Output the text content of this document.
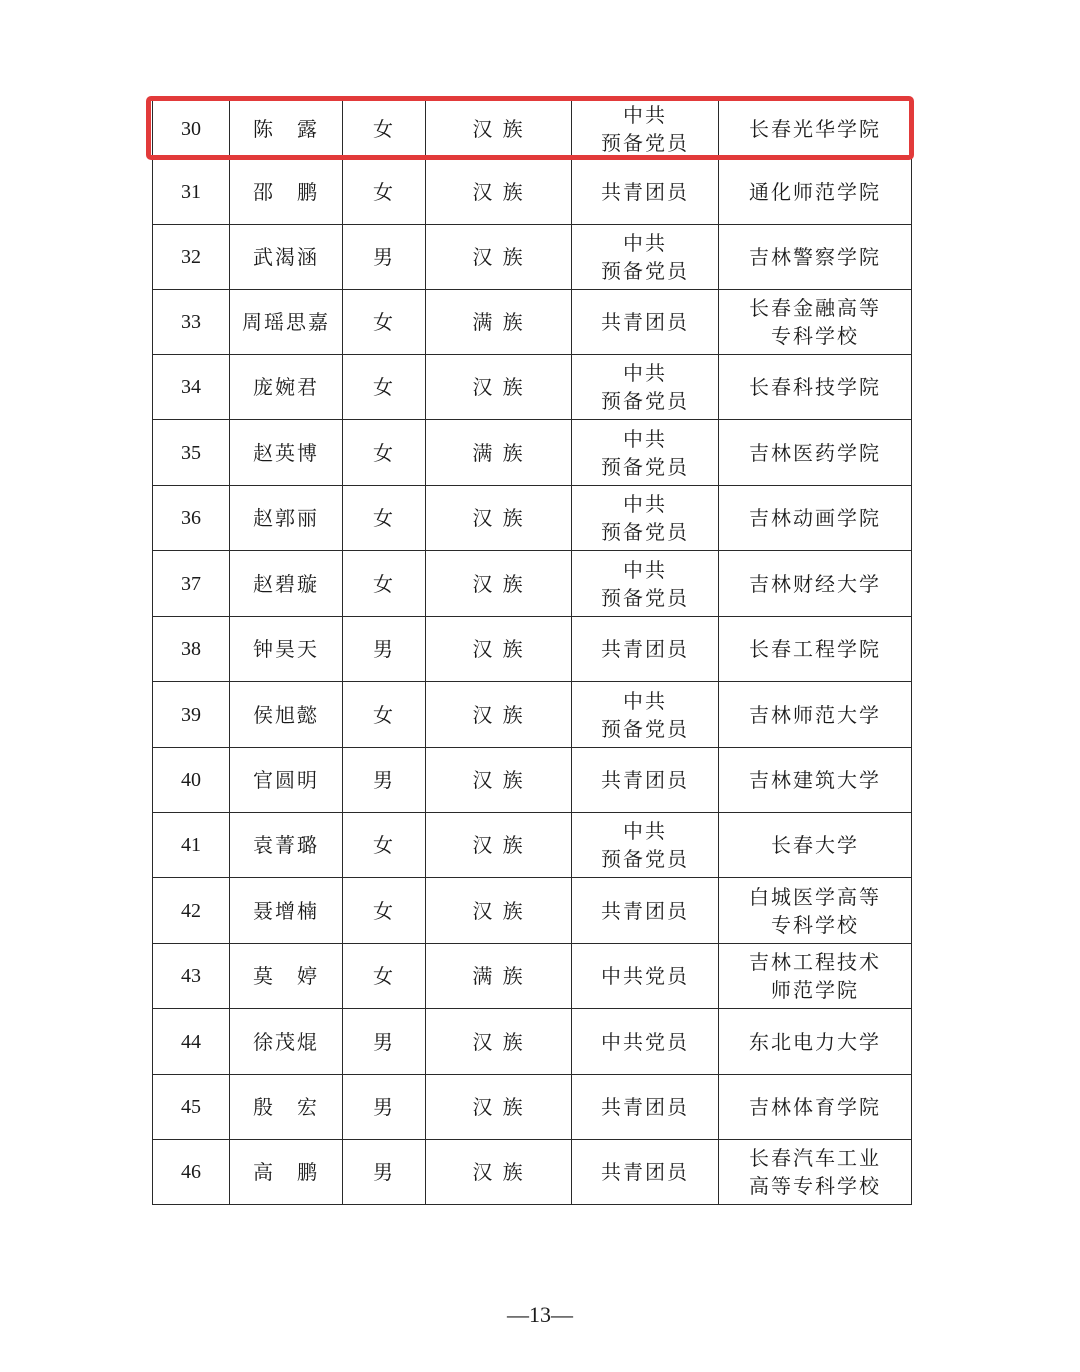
30	陈　露	女	汉 族	中共
预备党员	长春光华学院
31	邵　鹏	女	汉 族	共青团员	通化师范学院
32	武渴涵	男	汉 族	中共
预备党员	吉林警察学院
33	周瑶思嘉	女	满 族	共青团员	长春金融高等
专科学校
34	庞婉君	女	汉 族	中共
预备党员	长春科技学院
35	赵英博	女	满 族	中共
预备党员	吉林医药学院
36	赵郭丽	女	汉 族	中共
预备党员	吉林动画学院
37	赵碧璇	女	汉 族	中共
预备党员	吉林财经大学
38	钟昊天	男	汉 族	共青团员	长春工程学院
39	侯旭懿	女	汉 族	中共
预备党员	吉林师范大学
40	官圆明	男	汉 族	共青团员	吉林建筑大学
41	袁菁璐	女	汉 族	中共
预备党员	长春大学
42	聂增楠	女	汉 族	共青团员	白城医学高等
专科学校
43	莫　婷	女	满 族	中共党员	吉林工程技术
师范学院
44	徐茂焜	男	汉 族	中共党员	东北电力大学
45	殷　宏	男	汉 族	共青团员	吉林体育学院
46	高　鹏	男	汉 族	共青团员	长春汽车工业
高等专科学校
—13—
